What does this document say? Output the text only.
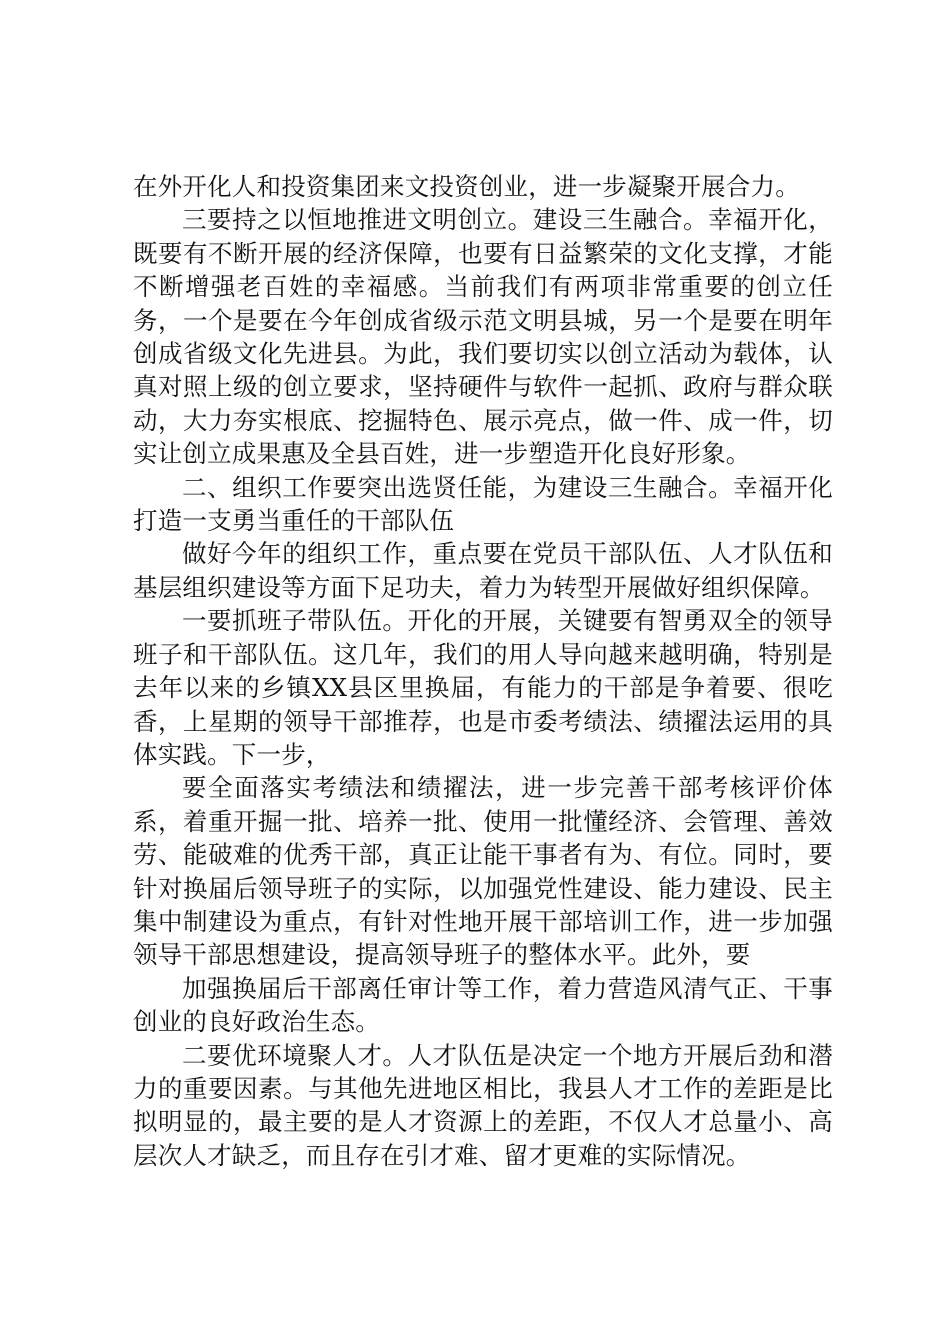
在外开化人和投资集团来文投资创业，进一步凝聚开展合力。

三要持之以恒地推进文明创立。建设三生融合。幸福开化，既要有不断开展的经济保障，也要有日益繁荣的文化支撑，才能不断增强老百姓的幸福感。当前我们有两项非常重要的创立任务，一个是要在今年创成省级示范文明县城，另一个是要在明年创成省级文化先进县。为此，我们要切实以创立活动为载体，认真对照上级的创立要求，坚持硬件与软件一起抓、政府与群众联动，大力夯实根底、挖掘特色、展示亮点，做一件、成一件，切实让创立成果惠及全县百姓，进一步塑造开化良好形象。

二、组织工作要突出选贤任能，为建设三生融合。幸福开化打造一支勇当重任的干部队伍

做好今年的组织工作，重点要在党员干部队伍、人才队伍和基层组织建设等方面下足功夫，着力为转型开展做好组织保障。

一要抓班子带队伍。开化的开展，关键要有智勇双全的领导班子和干部队伍。这几年，我们的用人导向越来越明确，特别是去年以来的乡镇XX县区里换届，有能力的干部是争着要、很吃香，上星期的领导干部推荐，也是市委考绩法、绩擢法运用的具体实践。下一步，

要全面落实考绩法和绩擢法，进一步完善干部考核评价体系，着重开掘一批、培养一批、使用一批懂经济、会管理、善效劳、能破难的优秀干部，真正让能干事者有为、有位。同时，要针对换届后领导班子的实际，以加强党性建设、能力建设、民主集中制建设为重点，有针对性地开展干部培训工作，进一步加强领导干部思想建设，提高领导班子的整体水平。此外，要

加强换届后干部离任审计等工作，着力营造风清气正、干事创业的良好政治生态。

二要优环境聚人才。人才队伍是决定一个地方开展后劲和潜力的重要因素。与其他先进地区相比，我县人才工作的差距是比拟明显的，最主要的是人才资源上的差距，不仅人才总量小、高层次人才缺乏，而且存在引才难、留才更难的实际情况。
